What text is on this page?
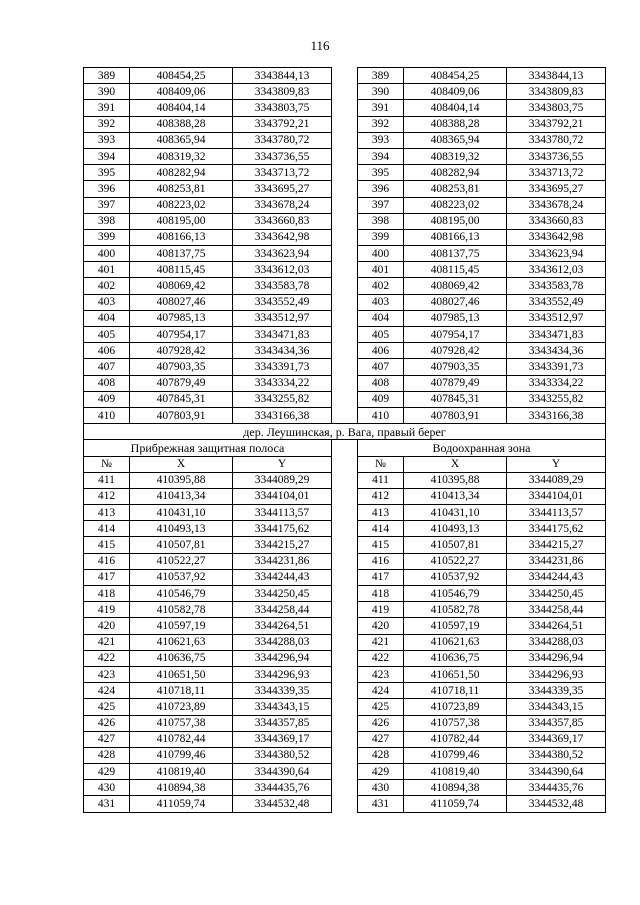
116
389	408454,25	3343844,13		389	408454,25	3343844,13
390	408409,06	3343809,83		390	408409,06	3343809,83
391	408404,14	3343803,75		391	408404,14	3343803,75
392	408388,28	3343792,21		392	408388,28	3343792,21
393	408365,94	3343780,72		393	408365,94	3343780,72
394	408319,32	3343736,55		394	408319,32	3343736,55
395	408282,94	3343713,72		395	408282,94	3343713,72
396	408253,81	3343695,27		396	408253,81	3343695,27
397	408223,02	3343678,24		397	408223,02	3343678,24
398	408195,00	3343660,83		398	408195,00	3343660,83
399	408166,13	3343642,98		399	408166,13	3343642,98
400	408137,75	3343623,94		400	408137,75	3343623,94
401	408115,45	3343612,03		401	408115,45	3343612,03
402	408069,42	3343583,78		402	408069,42	3343583,78
403	408027,46	3343552,49		403	408027,46	3343552,49
404	407985,13	3343512,97		404	407985,13	3343512,97
405	407954,17	3343471,83		405	407954,17	3343471,83
406	407928,42	3343434,36		406	407928,42	3343434,36
407	407903,35	3343391,73		407	407903,35	3343391,73
408	407879,49	3343334,22		408	407879,49	3343334,22
409	407845,31	3343255,82		409	407845,31	3343255,82
410	407803,91	3343166,38		410	407803,91	3343166,38
дер. Леушинская, р. Вага, правый берег						
Прибрежная защитная полоса				Водоохранная зона		
№	X	Y		№	X	Y
411	410395,88	3344089,29		411	410395,88	3344089,29
412	410413,34	3344104,01		412	410413,34	3344104,01
413	410431,10	3344113,57		413	410431,10	3344113,57
414	410493,13	3344175,62		414	410493,13	3344175,62
415	410507,81	3344215,27		415	410507,81	3344215,27
416	410522,27	3344231,86		416	410522,27	3344231,86
417	410537,92	3344244,43		417	410537,92	3344244,43
418	410546,79	3344250,45		418	410546,79	3344250,45
419	410582,78	3344258,44		419	410582,78	3344258,44
420	410597,19	3344264,51		420	410597,19	3344264,51
421	410621,63	3344288,03		421	410621,63	3344288,03
422	410636,75	3344296,94		422	410636,75	3344296,94
423	410651,50	3344296,93		423	410651,50	3344296,93
424	410718,11	3344339,35		424	410718,11	3344339,35
425	410723,89	3344343,15		425	410723,89	3344343,15
426	410757,38	3344357,85		426	410757,38	3344357,85
427	410782,44	3344369,17		427	410782,44	3344369,17
428	410799,46	3344380,52		428	410799,46	3344380,52
429	410819,40	3344390,64		429	410819,40	3344390,64
430	410894,38	3344435,76		430	410894,38	3344435,76
431	411059,74	3344532,48		431	411059,74	3344532,48
